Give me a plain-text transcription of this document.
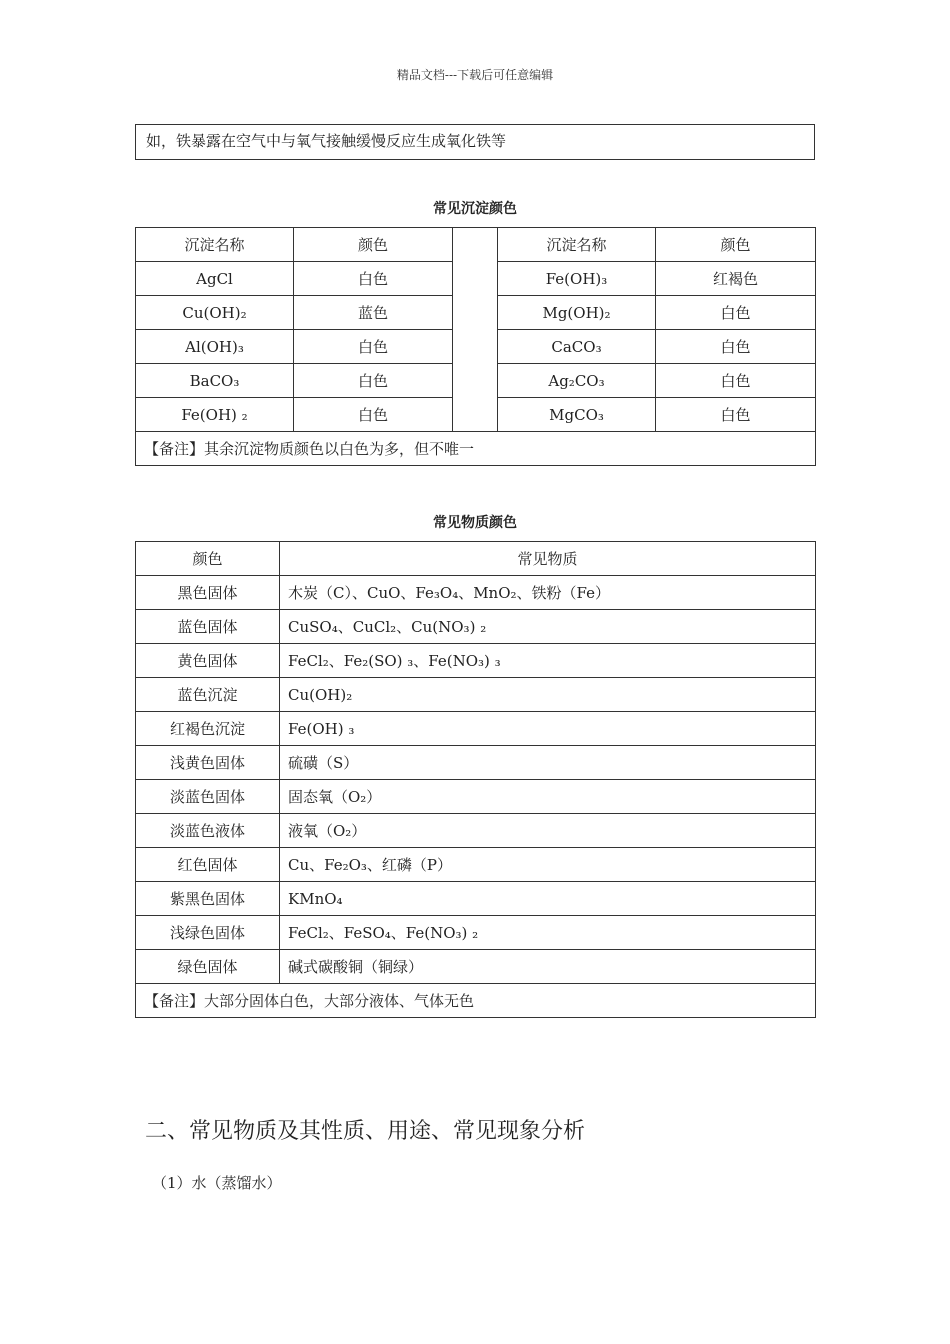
精品文档---下载后可任意编辑
如，铁暴露在空气中与氧气接触缓慢反应生成氧化铁等
常见沉淀颜色
沉淀名称	颜色		沉淀名称	颜色
AgCl	白色		Fe(OH)₃	红褐色
Cu(OH)₂	蓝色		Mg(OH)₂	白色
Al(OH)₃	白色		CaCO₃	白色
BaCO₃	白色		Ag₂CO₃	白色
Fe(OH) ₂	白色		MgCO₃	白色
【备注】其余沉淀物质颜色以白色为多，但不唯一				
常见物质颜色
颜色	常见物质
黑色固体	木炭（C）、CuO、Fe₃O₄、MnO₂、铁粉（Fe）
蓝色固体	CuSO₄、CuCl₂、Cu(NO₃) ₂
黄色固体	FeCl₂、Fe₂(SO) ₃、Fe(NO₃) ₃
蓝色沉淀	Cu(OH)₂
红褐色沉淀	Fe(OH) ₃
浅黄色固体	硫磺（S）
淡蓝色固体	固态氧（O₂）
淡蓝色液体	液氧（O₂）
红色固体	Cu、Fe₂O₃、红磷（P）
紫黑色固体	KMnO₄
浅绿色固体	FeCl₂、FeSO₄、Fe(NO₃) ₂
绿色固体	碱式碳酸铜（铜绿）
【备注】大部分固体白色，大部分液体、气体无色	
二、常见物质及其性质、用途、常见现象分析
（1）水（蒸馏水）
